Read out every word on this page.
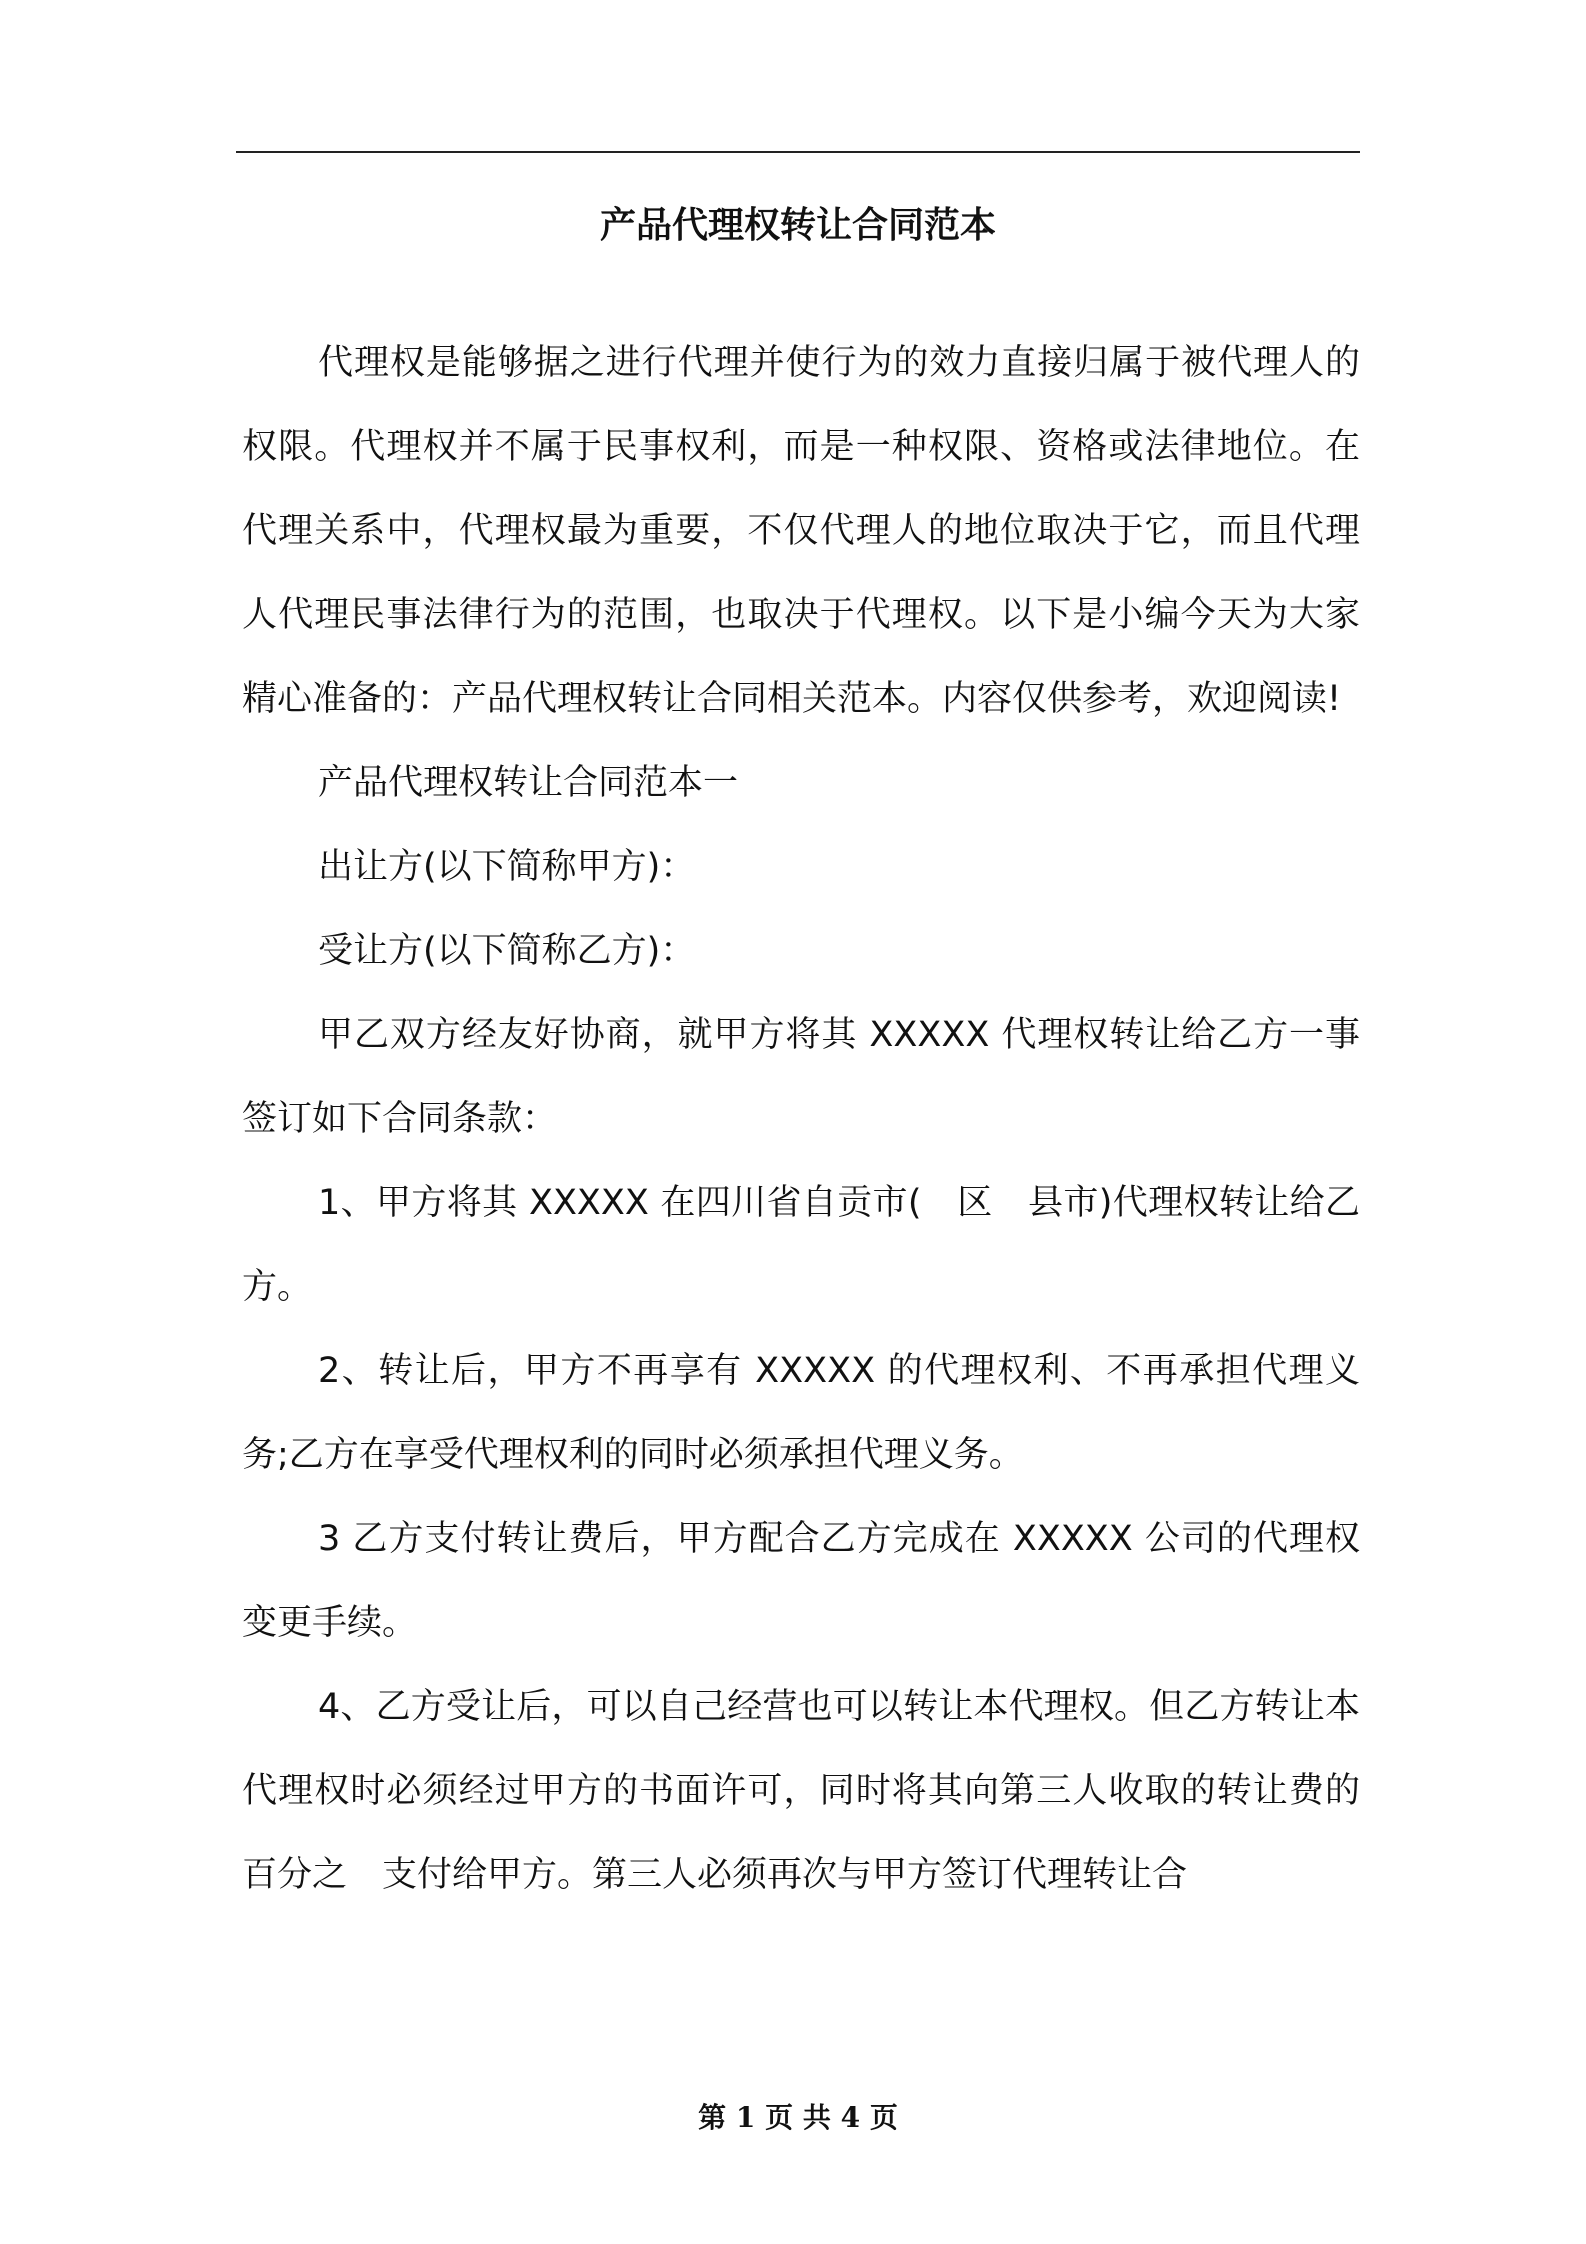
产品代理权转让合同范本

代理权是能够据之进行代理并使行为的效力直接归属于被代理人的权限。代理权并不属于民事权利，而是一种权限、资格或法律地位。在代理关系中，代理权最为重要，不仅代理人的地位取决于它，而且代理人代理民事法律行为的范围，也取决于代理权。以下是小编今天为大家精心准备的：产品代理权转让合同相关范本。内容仅供参考，欢迎阅读!

产品代理权转让合同范本一

出让方(以下简称甲方)：

受让方(以下简称乙方)：

甲乙双方经友好协商，就甲方将其 XXXXX 代理权转让给乙方一事签订如下合同条款：

1、甲方将其 XXXXX 在四川省自贡市(　区　县市)代理权转让给乙方。

2、转让后，甲方不再享有 XXXXX 的代理权利、不再承担代理义务;乙方在享受代理权利的同时必须承担代理义务。

3 乙方支付转让费后，甲方配合乙方完成在 XXXXX 公司的代理权变更手续。

4、乙方受让后，可以自己经营也可以转让本代理权。但乙方转让本代理权时必须经过甲方的书面许可，同时将其向第三人收取的转让费的百分之　支付给甲方。第三人必须再次与甲方签订代理转让合

第 1 页 共 4 页
